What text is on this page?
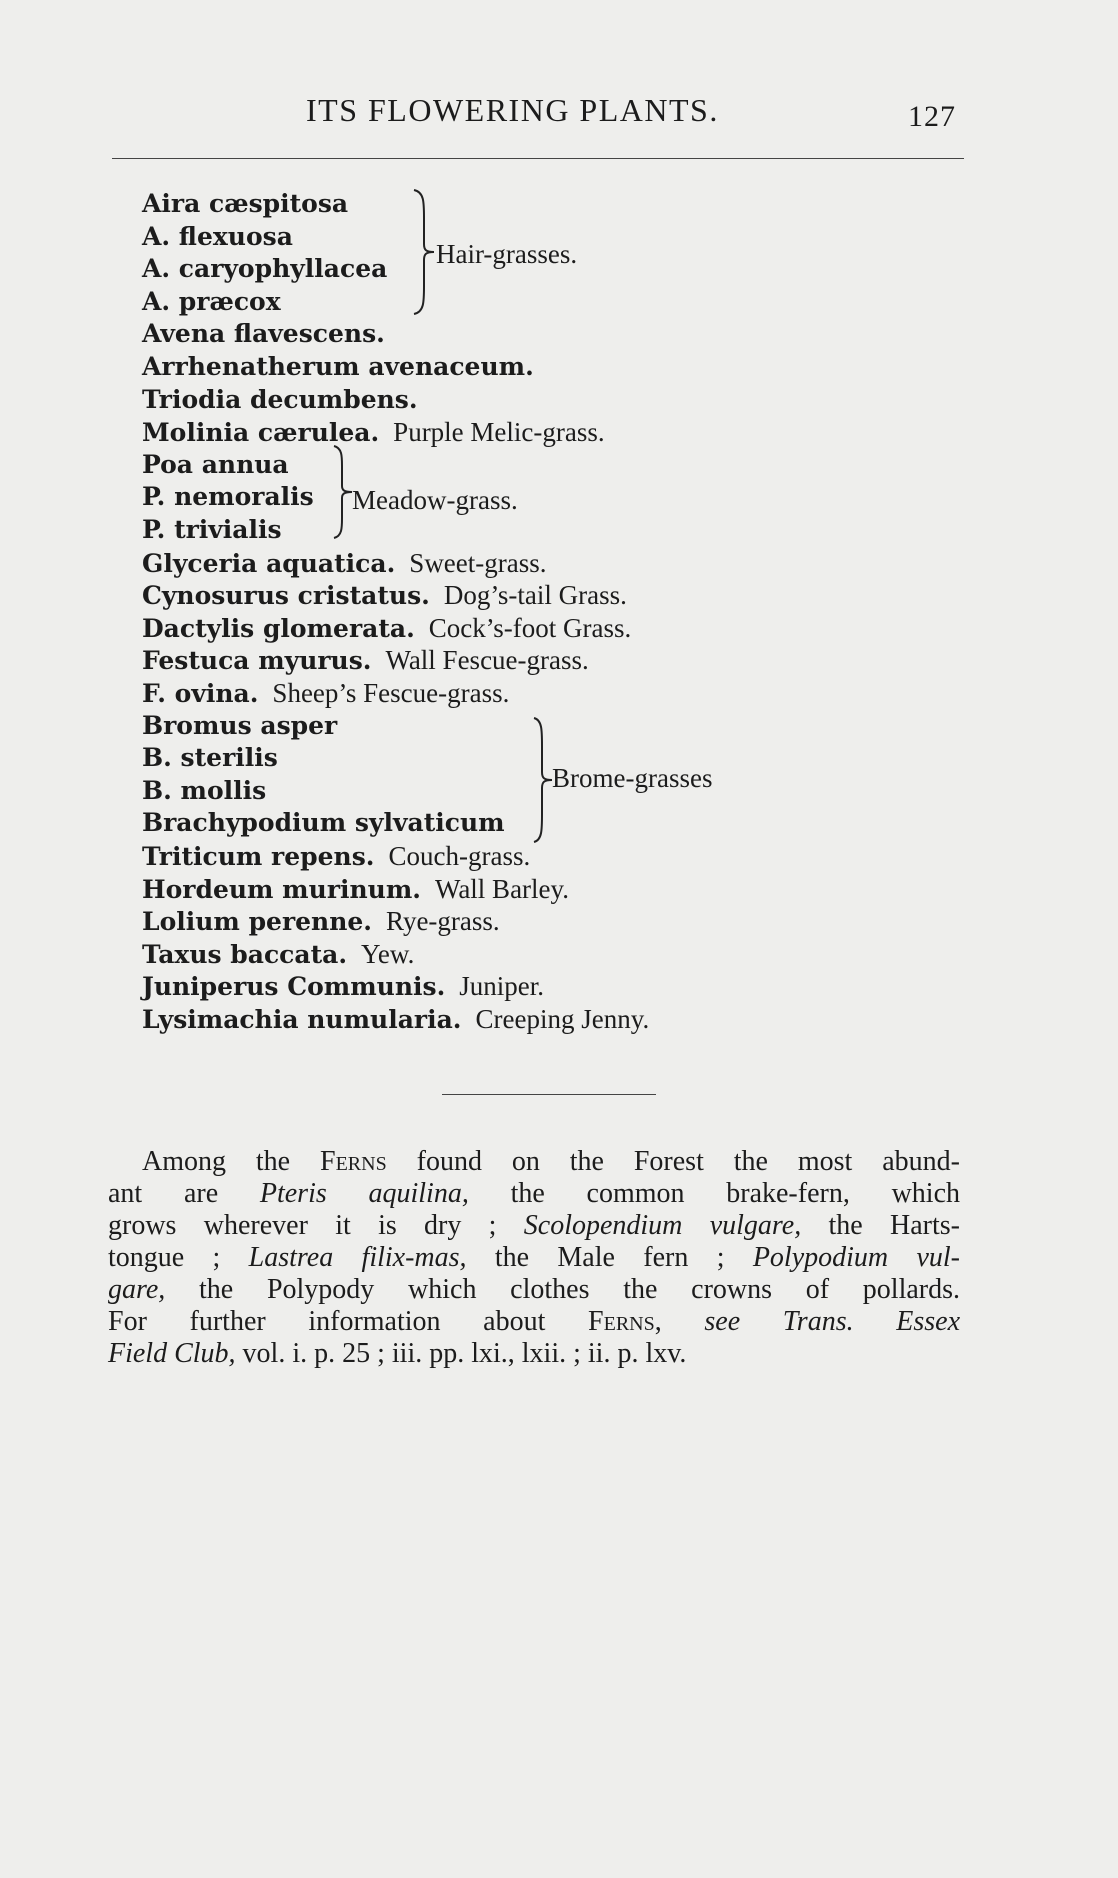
ITS FLOWERING PLANTS.	127
Aira cæspitosa
A. flexuosa
A. caryophyllacea
A. præcox
Avena flavescens.
Arrhenatherum avenaceum.
Triodia decumbens.
Molinia cærulea. Purple Melic-grass.
Poa annua
P. nemoralis
P. trivialis
Glyceria aquatica. Sweet-grass.
Cynosurus cristatus. Dog’s-tail Grass.
Dactylis glomerata. Cock’s-foot Grass.
Festuca myurus. Wall Fescue-grass.
F. ovina. Sheep’s Fescue-grass.
Bromus asper
B. sterilis
B. mollis
Brachypodium sylvaticum
Triticum repens. Couch-grass.
Hordeum murinum. Wall Barley.
Lolium perenne. Rye-grass.
Taxus baccata. Yew.
Juniperus Communis. Juniper.
Lysimachia numularia. Creeping Jenny.
Hair-grasses.
Meadow-grass.
Brome-grasses
Among the Ferns found on the Forest the most abund-
ant are Pteris aquilina, the common brake-fern, which
grows wherever it is dry ; Scolopendium vulgare, the Harts-
tongue ; Lastrea filix-mas, the Male fern ; Polypodium vul-
gare, the Polypody which clothes the crowns of pollards.
For further information about Ferns, see Trans. Essex
Field Club, vol. i. p. 25 ; iii. pp. lxi., lxii. ; ii. p. lxv.
